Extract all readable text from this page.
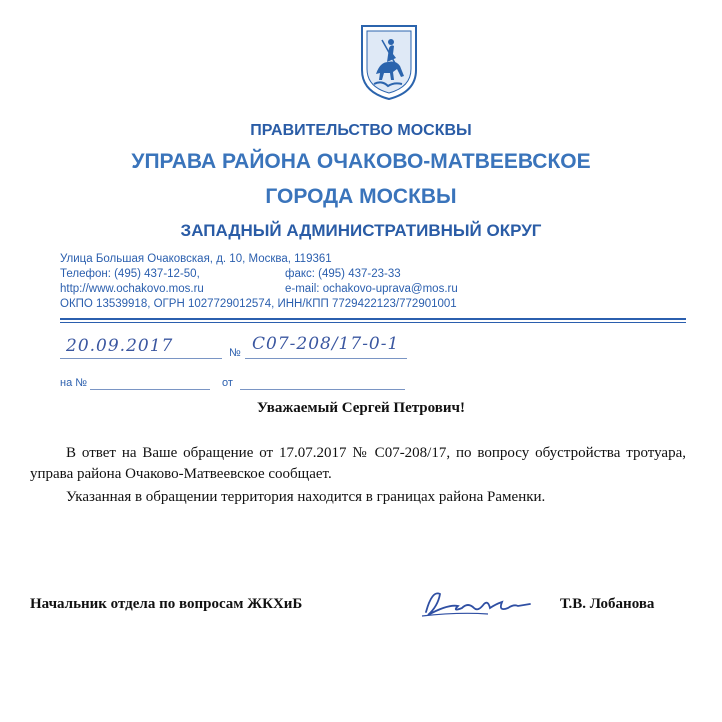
ПРАВИТЕЛЬСТВО МОСКВЫ
УПРАВА РАЙОНА ОЧАКОВО-МАТВЕЕВСКОЕ
ГОРОДА МОСКВЫ
ЗАПАДНЫЙ АДМИНИСТРАТИВНЫЙ ОКРУГ
Улица Большая Очаковская, д. 10, Москва, 119361
Телефон: (495) 437-12-50,	факс: (495) 437-23-33
http://www.ochakovo.mos.ru	e-mail: ochakovo-uprava@mos.ru
ОКПО 13539918, ОГРН 1027729012574, ИНН/КПП 7729422123/772901001
20.09.2017	№ С07-208/17-0-1
на №	от
Уважаемый Сергей Петрович!
В ответ на Ваше обращение от 17.07.2017 № С07-208/17, по вопросу обустройства тротуара, управа района Очаково-Матвеевское сообщает.
Указанная в обращении территория находится в границах района Раменки.
Начальник отдела по вопросам ЖКХиБ	Т.В. Лобанова
